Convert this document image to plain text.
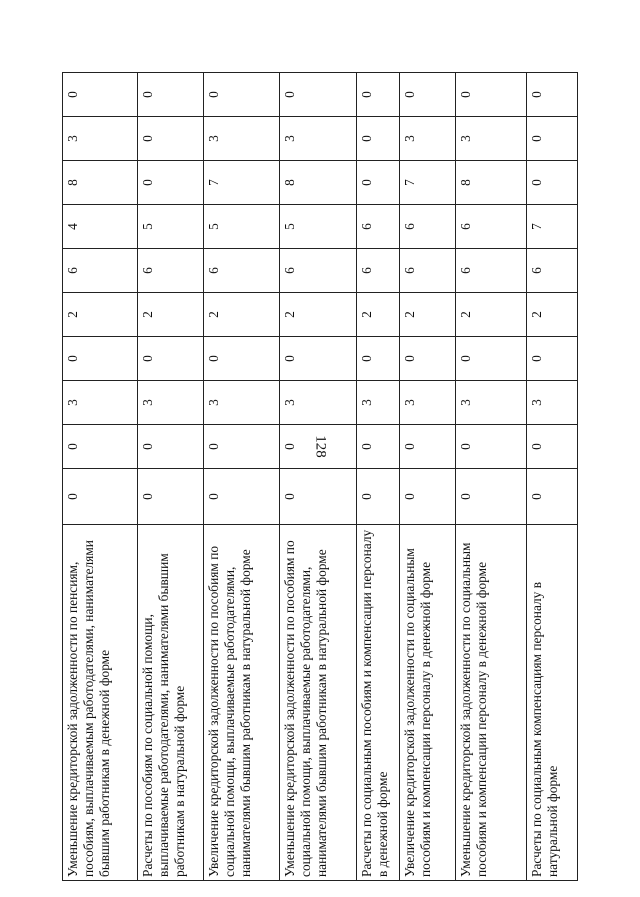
128
Уменьшение кредиторской задолженности по пенсиям, пособиям, выплачиваемым работодателями, нанимателями бывшим работникам в денежной форме	0	0	3	0	2	6	4	8	3	0
Расчеты по пособиям по социальной помощи, выплачиваемые работодателями, нанимателями бывшим работникам в натуральной форме	0	0	3	0	2	6	5	0	0	0
Увеличение кредиторской задолженности по пособиям по социальной помощи, выплачиваемые работодателями, нанимателями бывшим работникам в натуральной форме	0	0	3	0	2	6	5	7	3	0
Уменьшение кредиторской задолженности по пособиям по социальной помощи, выплачиваемые работодателями, нанимателями бывшим работникам в натуральной форме	0	0	3	0	2	6	5	8	3	0
Расчеты по социальным пособиям и компенсации персоналу в денежной форме	0	0	3	0	2	6	6	0	0	0
Увеличение кредиторской задолженности по социальным пособиям и компенсации персоналу в денежной форме	0	0	3	0	2	6	6	7	3	0
Уменьшение кредиторской задолженности по социальным пособиям и компенсации персоналу в денежной форме	0	0	3	0	2	6	6	8	3	0
Расчеты по социальным компенсациям персоналу в натуральной форме	0	0	3	0	2	6	7	0	0	0
